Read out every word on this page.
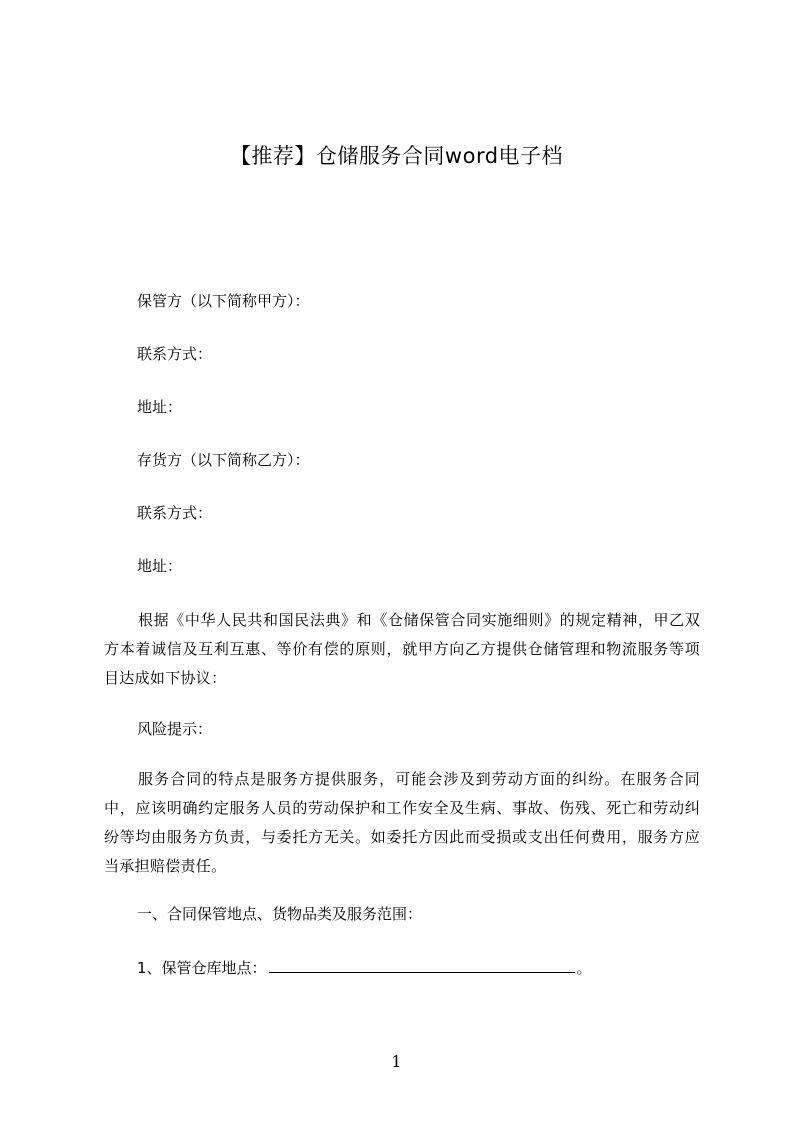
【推荐】仓储服务合同word电子档
保管方（以下简称甲方）：
联系方式：
地址：
存货方（以下简称乙方）：
联系方式：
地址：
根据《中华人民共和国民法典》和《仓储保管合同实施细则》的规定精神，甲乙双方本着诚信及互利互惠、等价有偿的原则，就甲方向乙方提供仓储管理和物流服务等项目达成如下协议：
风险提示：
服务合同的特点是服务方提供服务，可能会涉及到劳动方面的纠纷。在服务合同中，应该明确约定服务人员的劳动保护和工作安全及生病、事故、伤残、死亡和劳动纠纷等均由服务方负责，与委托方无关。如委托方因此而受损或支出任何费用，服务方应当承担赔偿责任。
一、合同保管地点、货物品类及服务范围：
1、保管仓库地点：	。
1
